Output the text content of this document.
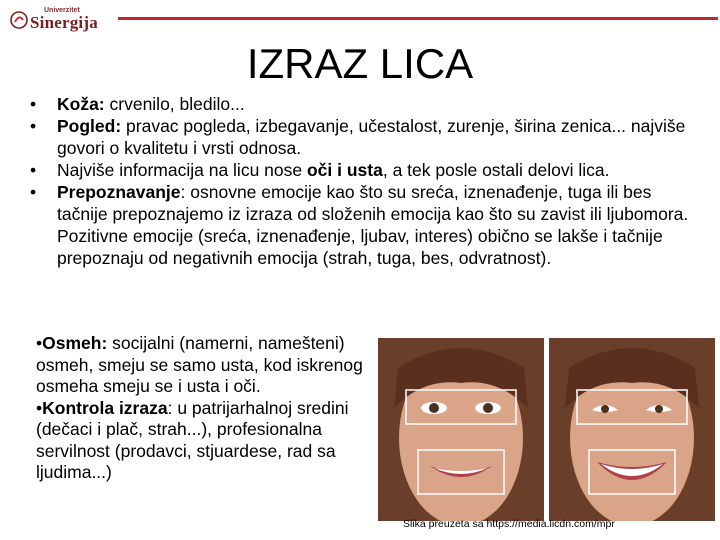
Univerzitet
Sinergija
IZRAZ LICA
• Koža: crvenilo, bledilo...
• Pogled: pravac pogleda, izbegavanje, učestalost, zurenje, širina zenica... najviše govori o kvalitetu i vrsti odnosa.
• Najviše informacija na licu nose oči i usta, a tek posle ostali delovi lica.
• Prepoznavanje: osnovne emocije kao što su sreća, iznenađenje, tuga ili bes tačnije prepoznajemo iz izraza od složenih emocija kao što su zavist ili ljubomora. Pozitivne emocije (sreća, iznenađenje, ljubav, interes) obično se lakše i tačnije prepoznaju od negativnih emocija (strah, tuga, bes, odvratnost).

•Osmeh: socijalni (namerni, namešteni) osmeh, smeju se samo usta, kod iskrenog osmeha smeju se i usta i oči.

•Kontrola izraza: u patrijarhalnoj sredini (dečaci i plač, strah...), profesionalna servilnost (prodavci, stjuardese, rad sa ljudima...)

Slika preuzeta sa https://media.licdn.com/mpr
